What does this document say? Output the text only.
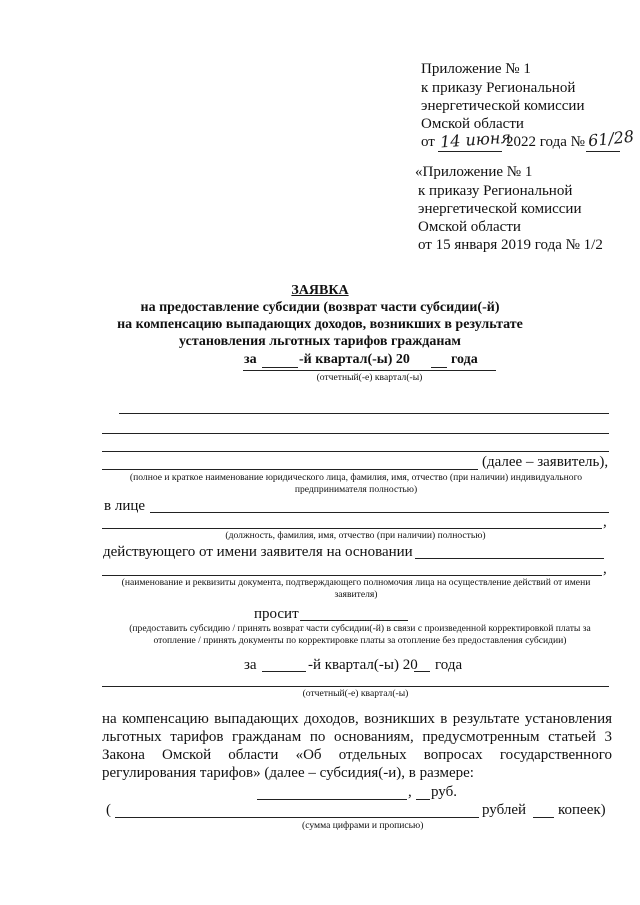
Приложение № 1
к приказу Региональной
энергетической комиссии
Омской области
от 14 июня
2022 года № 61/28
«Приложение № 1
к приказу Региональной
энергетической комиссии
Омской области
от 15 января 2019 года № 1/2
ЗАЯВКА
на предоставление субсидии (возврат части субсидии(-й)
на компенсацию выпадающих доходов, возникших в результате
установления льготных тарифов гражданам
за	-й квартал(-ы) 20	года
(отчетный(-е) квартал(-ы)
(далее – заявитель),
(полное и краткое наименование юридического лица, фамилия, имя, отчество (при наличии) индивидуального предпринимателя полностью)
в лице
,
(должность, фамилия, имя, отчество (при наличии) полностью)
действующего от имени заявителя на основании
,
(наименование и реквизиты документа, подтверждающего полномочия лица на осуществление действий от имени заявителя)
просит
(предоставить субсидию / принять возврат части субсидии(-й) в связи с произведенной корректировкой платы за отопление / принять документы по корректировке платы за отопление без предоставления субсидии)
за	-й квартал(-ы) 20 года
(отчетный(-е) квартал(-ы)
на компенсацию выпадающих доходов, возникших в результате установления
льготных тарифов гражданам по основаниям, предусмотренным статьей 3
Закона Омской области «Об отдельных вопросах государственного
регулирования тарифов» (далее – субсидия(-и), в размере:
, руб.
(	рублей копеек)
(сумма цифрами и прописью)
